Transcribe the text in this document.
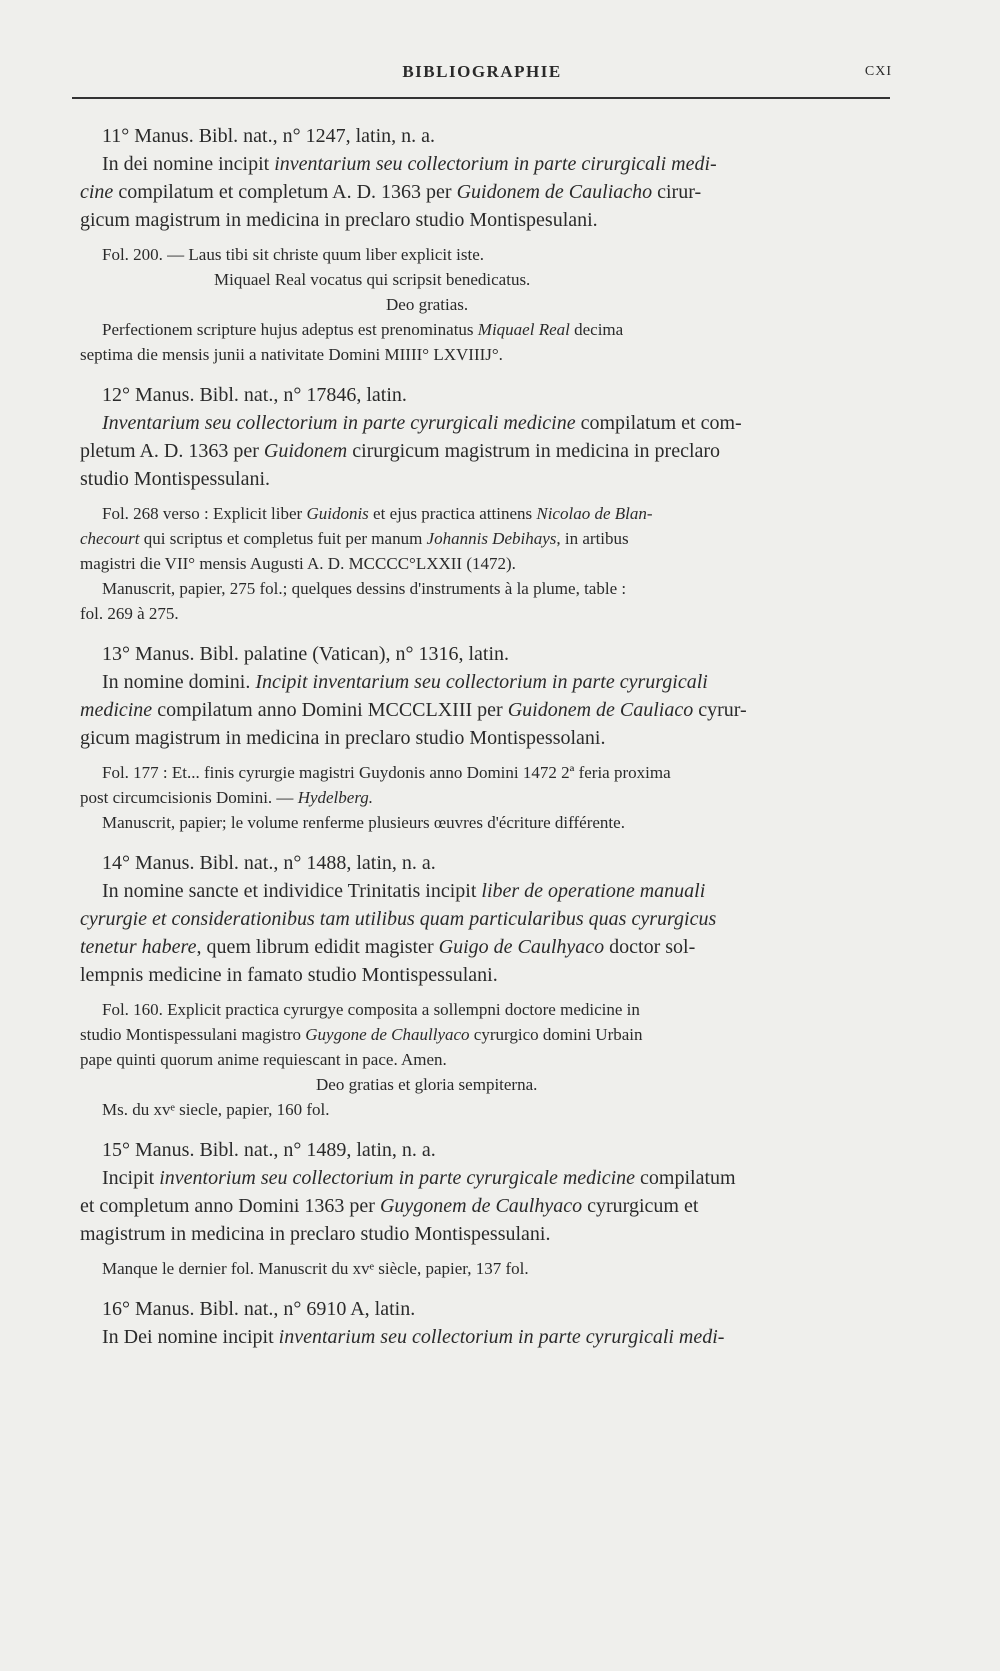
BIBLIOGRAPHIE	CXI
11° Manus. Bibl. nat., n° 1247, latin, n. a.
In dei nomine incipit inventarium seu collectorium in parte cirurgicali medi-
cine compilatum et completum A. D. 1363 per Guidonem de Cauliacho cirur-
gicum magistrum in medicina in preclaro studio Montispesulani.
Fol. 200. — Laus tibi sit christe quum liber explicit iste.
Miquael Real vocatus qui scripsit benedicatus.
Deo gratias.
Perfectionem scripture hujus adeptus est prenominatus Miquael Real decima
septima die mensis junii a nativitate Domini MIIII° LXVIIIJ°.
12° Manus. Bibl. nat., n° 17846, latin.
Inventarium seu collectorium in parte cyrurgicali medicine compilatum et com-
pletum A. D. 1363 per Guidonem cirurgicum magistrum in medicina in preclaro
studio Montispessulani.
Fol. 268 verso : Explicit liber Guidonis et ejus practica attinens Nicolao de Blan-
checourt qui scriptus et completus fuit per manum Johannis Debihays, in artibus
magistri die VII° mensis Augusti A. D. MCCCC°LXXII (1472).
Manuscrit, papier, 275 fol.; quelques dessins d'instruments à la plume, table :
fol. 269 à 275.
13° Manus. Bibl. palatine (Vatican), n° 1316, latin.
In nomine domini. Incipit inventarium seu collectorium in parte cyrurgicali
medicine compilatum anno Domini MCCCLXIII per Guidonem de Cauliaco cyrur-
gicum magistrum in medicina in preclaro studio Montispessolani.
Fol. 177 : Et... finis cyrurgie magistri Guydonis anno Domini 1472 2ª feria proxima
post circumcisionis Domini. — Hydelberg.
Manuscrit, papier; le volume renferme plusieurs œuvres d'écriture différente.
14° Manus. Bibl. nat., n° 1488, latin, n. a.
In nomine sancte et individice Trinitatis incipit liber de operatione manuali
cyrurgie et considerationibus tam utilibus quam particularibus quas cyrurgicus
tenetur habere, quem librum edidit magister Guigo de Caulhyaco doctor sol-
lempnis medicine in famato studio Montispessulani.
Fol. 160. Explicit practica cyrurgye composita a sollempni doctore medicine in
studio Montispessulani magistro Guygone de Chaullyaco cyrurgico domini Urbain
pape quinti quorum anime requiescant in pace. Amen.
Deo gratias et gloria sempiterna.
Ms. du xvᵉ siecle, papier, 160 fol.
15° Manus. Bibl. nat., n° 1489, latin, n. a.
Incipit inventorium seu collectorium in parte cyrurgicale medicine compilatum
et completum anno Domini 1363 per Guygonem de Caulhyaco cyrurgicum et
magistrum in medicina in preclaro studio Montispessulani.
Manque le dernier fol. Manuscrit du xvᵉ siècle, papier, 137 fol.
16° Manus. Bibl. nat., n° 6910 A, latin.
In Dei nomine incipit inventarium seu collectorium in parte cyrurgicali medi-
